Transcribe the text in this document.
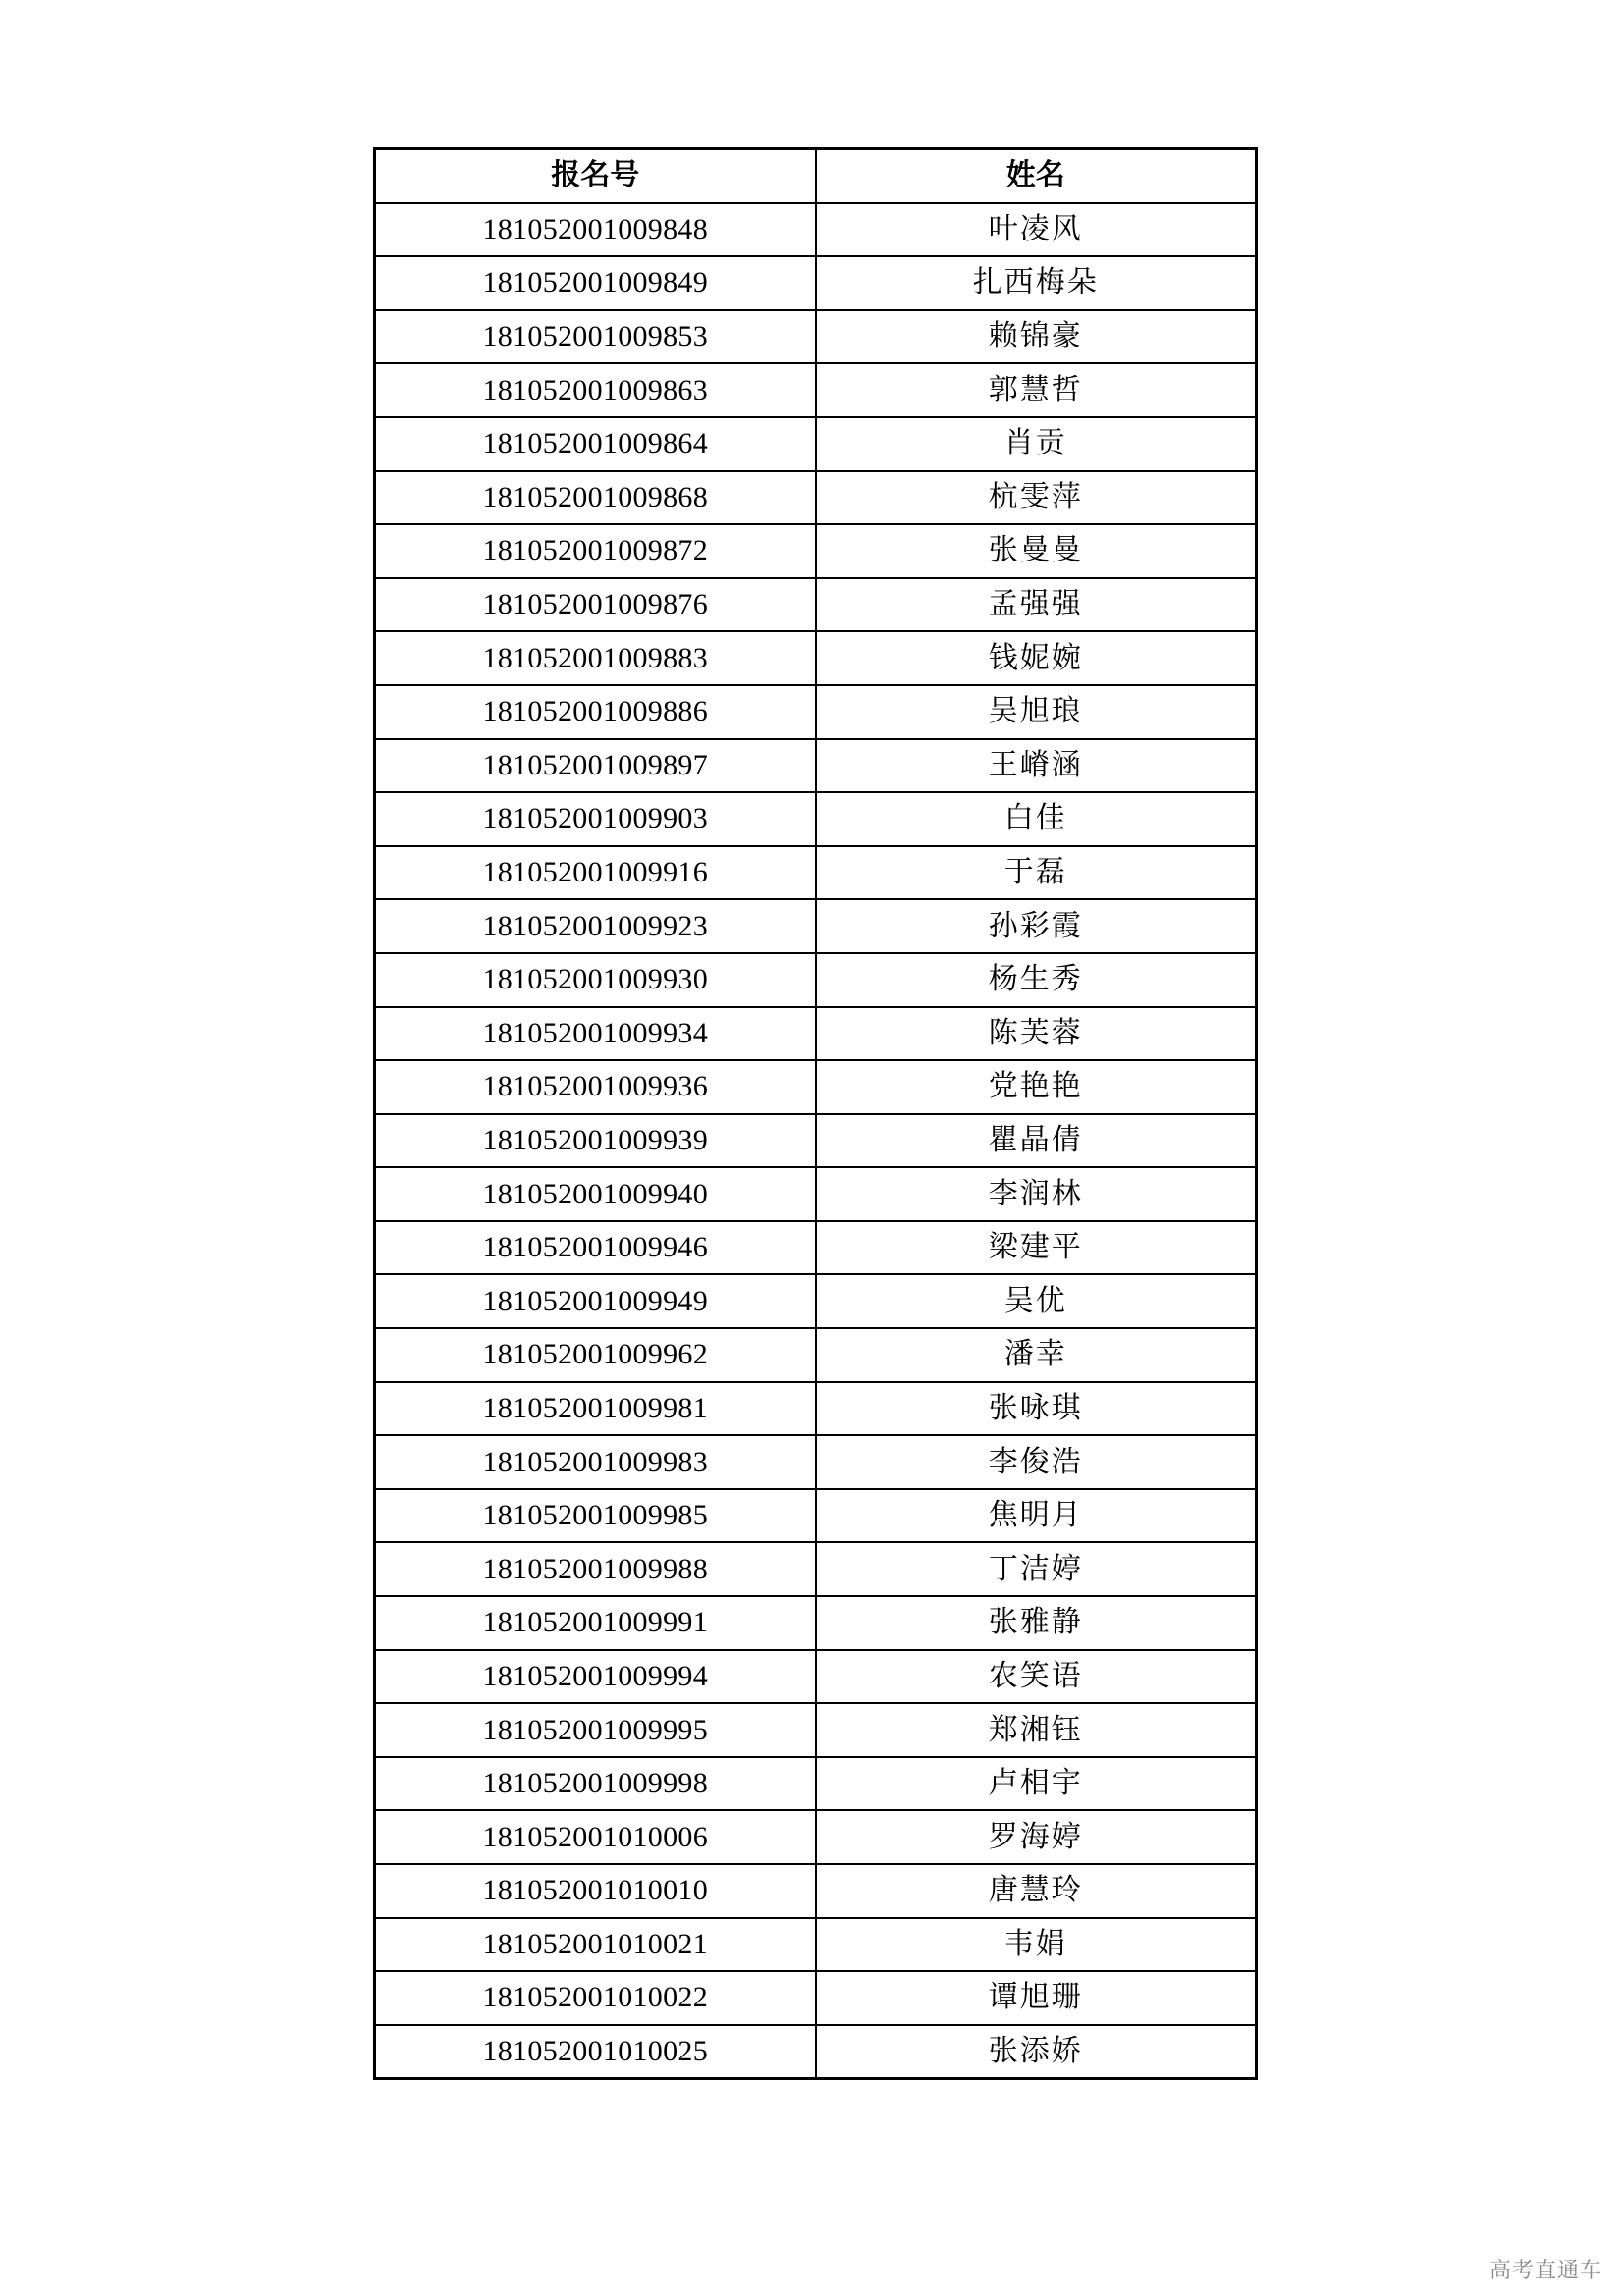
报名号	姓名
181052001009848	叶凌风
181052001009849	扎西梅朵
181052001009853	赖锦豪
181052001009863	郭慧哲
181052001009864	肖贡
181052001009868	杭雯萍
181052001009872	张曼曼
181052001009876	孟强强
181052001009883	钱妮婉
181052001009886	吴旭琅
181052001009897	王嵴涵
181052001009903	白佳
181052001009916	于磊
181052001009923	孙彩霞
181052001009930	杨生秀
181052001009934	陈芙蓉
181052001009936	党艳艳
181052001009939	瞿晶倩
181052001009940	李润林
181052001009946	梁建平
181052001009949	吴优
181052001009962	潘幸
181052001009981	张咏琪
181052001009983	李俊浩
181052001009985	焦明月
181052001009988	丁洁婷
181052001009991	张雅静
181052001009994	农笑语
181052001009995	郑湘钰
181052001009998	卢相宇
181052001010006	罗海婷
181052001010010	唐慧玲
181052001010021	韦娟
181052001010022	谭旭珊
181052001010025	张添娇
高考直通车
